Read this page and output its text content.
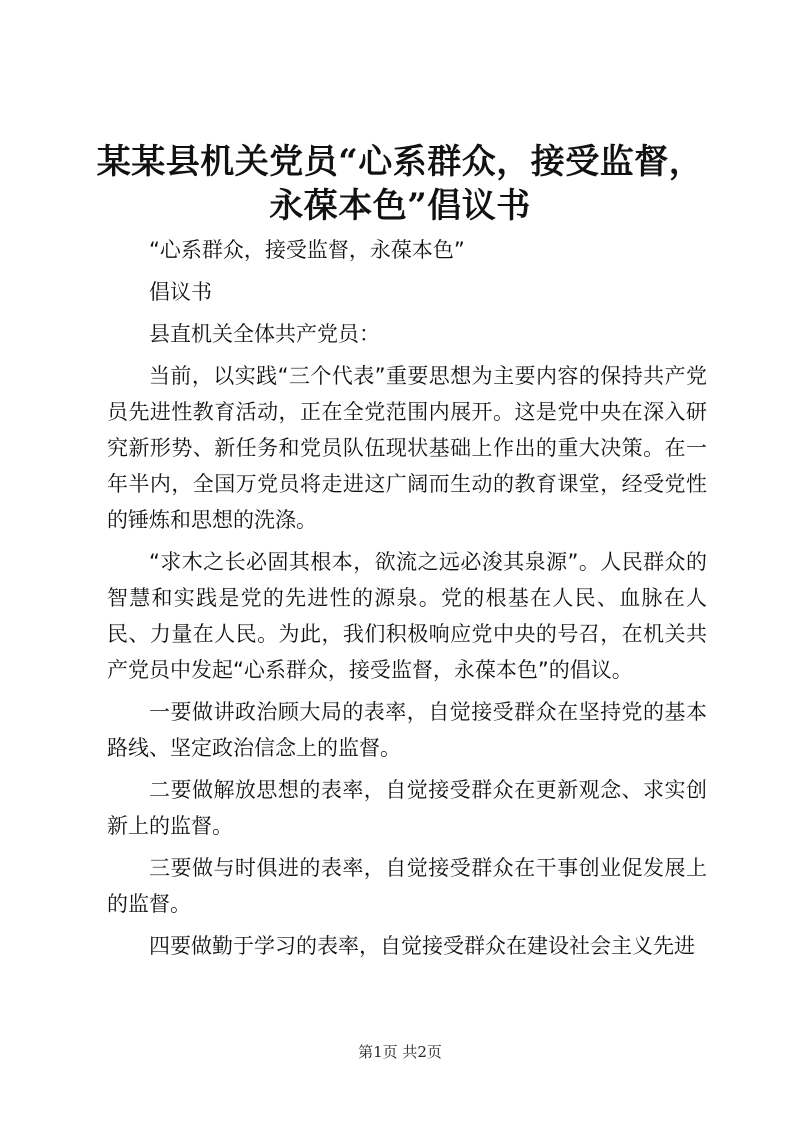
某某县机关党员“心系群众，接受监督，永葆本色”倡议书

“心系群众，接受监督，永葆本色”

倡议书

县直机关全体共产党员：

当前，以实践“三个代表”重要思想为主要内容的保持共产党员先进性教育活动，正在全党范围内展开。这是党中央在深入研究新形势、新任务和党员队伍现状基础上作出的重大决策。在一年半内，全国万党员将走进这广阔而生动的教育课堂，经受党性的锤炼和思想的洗涤。

“求木之长必固其根本，欲流之远必浚其泉源”。人民群众的智慧和实践是党的先进性的源泉。党的根基在人民、血脉在人民、力量在人民。为此，我们积极响应党中央的号召，在机关共产党员中发起“心系群众，接受监督，永葆本色”的倡议。

一要做讲政治顾大局的表率，自觉接受群众在坚持党的基本路线、坚定政治信念上的监督。

二要做解放思想的表率，自觉接受群众在更新观念、求实创新上的监督。

三要做与时俱进的表率，自觉接受群众在干事创业促发展上的监督。

四要做勤于学习的表率，自觉接受群众在建设社会主义先进

第1页 共2页
